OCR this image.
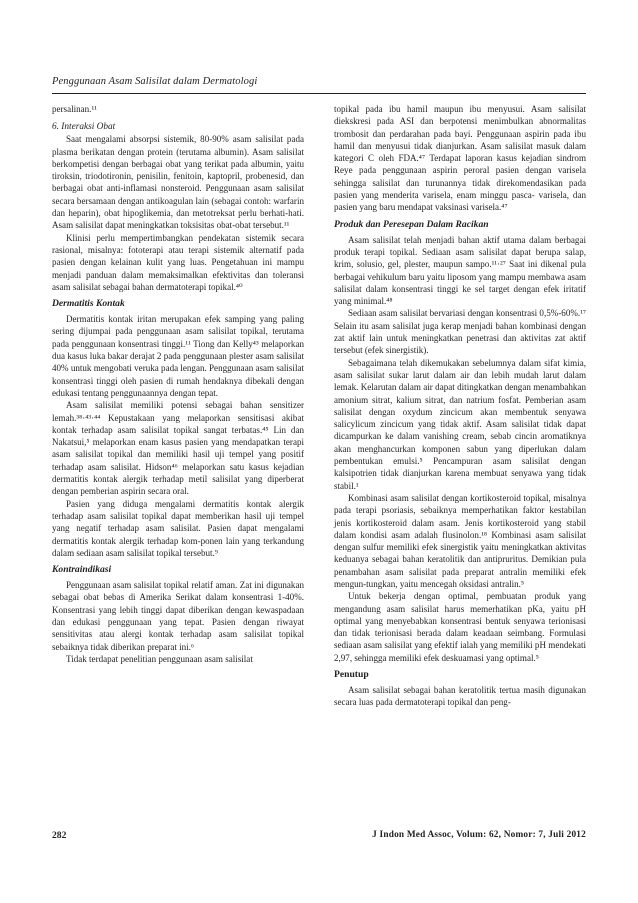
Penggunaan Asam Salisilat dalam Dermatologi

persalinan.¹¹

6. Interaksi Obat

Saat mengalami absorpsi sistemik, 80-90% asam salisilat pada plasma berikatan dengan protein (terutama albumin). Asam salisilat berkompetisi dengan berbagai obat yang terikat pada albumin, yaitu tiroksin, triodotironin, penisilin, fenitoin, kaptopril, probenesid, dan berbagai obat anti-inflamasi nonsteroid. Penggunaan asam salisilat secara bersamaan dengan antikoagulan lain (sebagai contoh: warfarin dan heparin), obat hipoglikemia, dan metotreksat perlu berhati-hati. Asam salisilat dapat meningkatkan toksisitas obat-obat tersebut.¹¹

Klinisi perlu mempertimbangkan pendekatan sistemik secara rasional, misalnya: fototerapi atau terapi sistemik alternatif pada pasien dengan kelainan kulit yang luas. Pengetahuan ini mampu menjadi panduan dalam memaksimalkan efektivitas dan toleransi asam salisilat sebagai bahan dermatoterapi topikal.⁴⁰

Dermatitis Kontak

Dermatitis kontak iritan merupakan efek samping yang paling sering dijumpai pada penggunaan asam salisilat topikal, terutama pada penggunaan konsentrasi tinggi.¹¹ Tiong dan Kelly⁴³ melaporkan dua kasus luka bakar derajat 2 pada penggunaan plester asam salisilat 40% untuk mengobati veruka pada lengan. Penggunaan asam salisilat konsentrasi tinggi oleh pasien di rumah hendaknya dibekali dengan edukasi tentang penggunaannya dengan tepat.

Asam salisilat memiliki potensi sebagai bahan sensitizer lemah.³⁸·⁴³·⁴⁴ Kepustakaan yang melaporkan sensitisasi akibat kontak terhadap asam salisilat topikal sangat terbatas.⁴⁵ Lin dan Nakatsui,⁵ melaporkan enam kasus pasien yang mendapatkan terapi asam salisilat topikal dan memiliki hasil uji tempel yang positif terhadap asam salisilat. Hidson⁴⁶ melaporkan satu kasus kejadian dermatitis kontak alergik terhadap metil salisilat yang diperberat dengan pemberian aspirin secara oral.

Pasien yang diduga mengalami dermatitis kontak alergik terhadap asam salisilat topikal dapat memberikan hasil uji tempel yang negatif terhadap asam salisilat. Pasien dapat mengalami dermatitis kontak alergik terhadap kom-ponen lain yang terkandung dalam sediaan asam salisilat topikal tersebut.⁹

Kontraindikasi

Penggunaan asam salisilat topikal relatif aman. Zat ini digunakan sebagai obat bebas di Amerika Serikat dalam konsentrasi 1-40%. Konsentrasi yang lebih tinggi dapat diberikan dengan kewaspadaan dan edukasi penggunaan yang tepat. Pasien dengan riwayat sensitivitas atau alergi kontak terhadap asam salisilat topikal sebaiknya tidak diberikan preparat ini.⁶

Tidak terdapat penelitian penggunaan asam salisilat

topikal pada ibu hamil maupun ibu menyusui. Asam salisilat diekskresi pada ASI dan berpotensi menimbulkan abnormalitas trombosit dan perdarahan pada bayi. Penggunaan aspirin pada ibu hamil dan menyusui tidak dianjurkan. Asam salisilat masuk dalam kategori C oleh FDA.⁴⁷ Terdapat laporan kasus kejadian sindrom Reye pada penggunaan aspirin peroral pasien dengan varisela sehingga salisilat dan turunannya tidak direkomendasikan pada pasien yang menderita varisela, enam minggu pasca- varisela, dan pasien yang baru mendapat vaksinasi varisela.⁴⁷

Produk dan Peresepan Dalam Racikan

Asam salisilat telah menjadi bahan aktif utama dalam berbagai produk terapi topikal. Sediaan asam salisilat dapat berupa salap, krim, solusio, gel, plester, maupun sampo.¹¹·²⁷ Saat ini dikenal pula berbagai vehikulum baru yaitu liposom yang mampu membawa asam salisilat dalam konsentrasi tinggi ke sel target dengan efek iritatif yang minimal.⁴⁸

Sediaan asam salisilat bervariasi dengan konsentrasi 0,5%-60%.¹⁷ Selain itu asam salisilat juga kerap menjadi bahan kombinasi dengan zat aktif lain untuk meningkatkan penetrasi dan aktivitas zat aktif tersebut (efek sinergistik).

Sebagaimana telah dikemukakan sebelumnya dalam sifat kimia, asam salisilat sukar larut dalam air dan lebih mudah larut dalam lemak. Kelarutan dalam air dapat ditingkatkan dengan menambahkan amonium sitrat, kalium sitrat, dan natrium fosfat. Pemberian asam salisilat dengan oxydum zincicum akan membentuk senyawa salicylicum zincicum yang tidak aktif. Asam salisilat tidak dapat dicampurkan ke dalam vanishing cream, sebab cincin aromatiknya akan menghancurkan komponen sabun yang diperlukan dalam pembentukan emulsi.⁵ Pencampuran asam salisilat dengan kalsipotrien tidak dianjurkan karena membuat senyawa yang tidak stabil.¹

Kombinasi asam salisilat dengan kortikosteroid topikal, misalnya pada terapi psoriasis, sebaiknya memperhatikan faktor kestabilan jenis kortikosteroid dalam asam. Jenis kortikosteroid yang stabil dalam kondisi asam adalah flusinolon.¹⁸ Kombinasi asam salisilat dengan sulfur memiliki efek sinergistik yaitu meningkatkan aktivitas keduanya sebagai bahan keratolitik dan antipruritus. Demikian pula penambahan asam salisilat pada preparat antralin memiliki efek mengun-tungkan, yaitu mencegah oksidasi antralin.⁵

Untuk bekerja dengan optimal, pembuatan produk yang mengandung asam salisilat harus memerhatikan pKa, yaitu pH optimal yang menyebabkan konsentrasi bentuk senyawa terionisasi dan tidak terionisasi berada dalam keadaan seimbang. Formulasi sediaan asam salisilat yang efektif ialah yang memiliki pH mendekati 2,97, sehingga memiliki efek deskuamasi yang optimal.⁵

Penutup

Asam salisilat sebagai bahan keratolitik tertua masih digunakan secara luas pada dermatoterapi topikal dan peng-

282	J Indon Med Assoc, Volum: 62, Nomor: 7, Juli 2012
